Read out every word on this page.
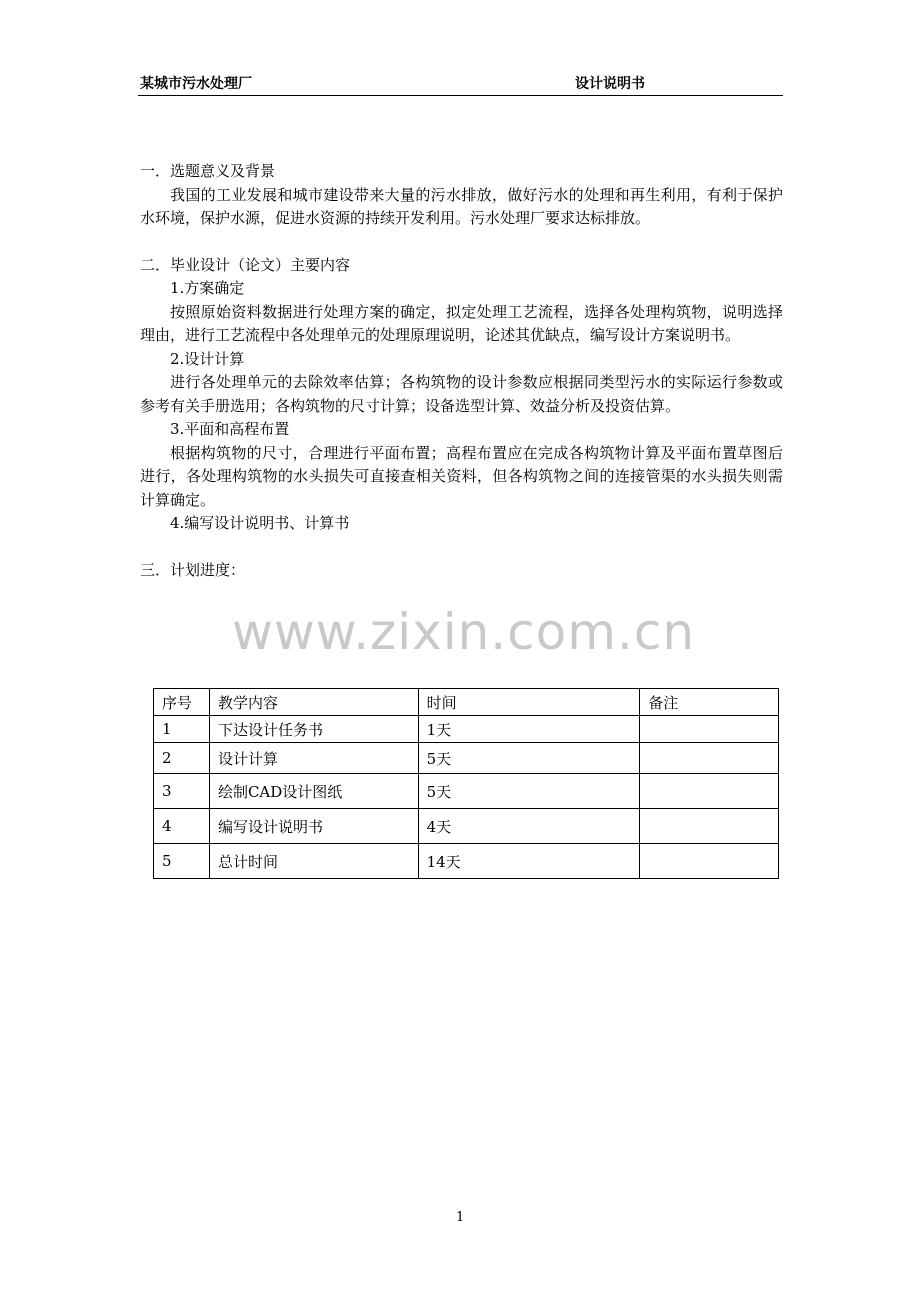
某城市污水处理厂	设计说明书

一．选题意义及背景

我国的工业发展和城市建设带来大量的污水排放，做好污水的处理和再生利用，有利于保护水环境，保护水源，促进水资源的持续开发利用。污水处理厂要求达标排放。

二．毕业设计（论文）主要内容

1.方案确定

按照原始资料数据进行处理方案的确定，拟定处理工艺流程，选择各处理构筑物，说明选择理由，进行工艺流程中各处理单元的处理原理说明，论述其优缺点，编写设计方案说明书。

2.设计计算

进行各处理单元的去除效率估算；各构筑物的设计参数应根据同类型污水的实际运行参数或参考有关手册选用；各构筑物的尺寸计算；设备选型计算、效益分析及投资估算。

3.平面和高程布置

根据构筑物的尺寸，合理进行平面布置；高程布置应在完成各构筑物计算及平面布置草图后进行，各处理构筑物的水头损失可直接查相关资料，但各构筑物之间的连接管渠的水头损失则需计算确定。

4.编写设计说明书、计算书

三．计划进度：

www.zixin.com.cn
序号	教学内容	时间	备注
1	下达设计任务书	1天	
2	设计计算	5天	
3	绘制CAD设计图纸	5天	
4	编写设计说明书	4天	
5	总计时间	14天	
1
